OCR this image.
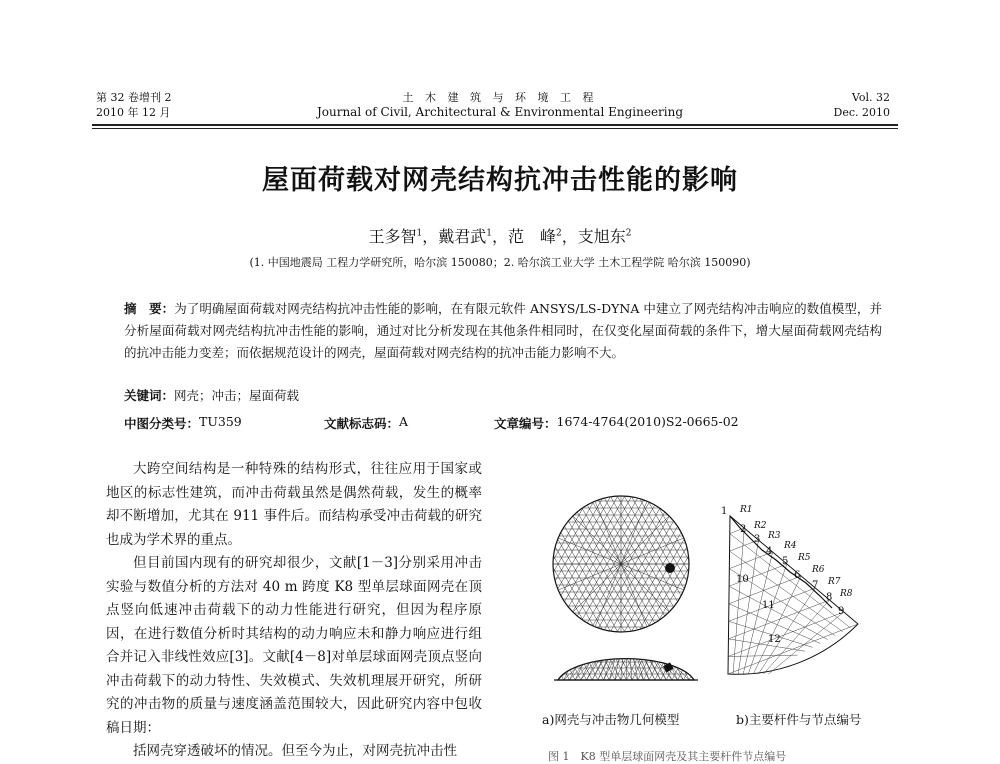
第 32 卷增刊 2
2010 年 12 月
土 木 建 筑 与 环 境 工 程
Journal of Civil, Architectural & Environmental Engineering
Vol. 32
Dec. 2010
屋面荷载对网壳结构抗冲击性能的影响
王多智$^1$，戴君武$^1$，范　峰$^2$，支旭东$^2$
(1. 中国地震局 工程力学研究所，哈尔滨 150080；2. 哈尔滨工业大学 土木工程学院 哈尔滨 150090)
摘　要：为了明确屋面荷载对网壳结构抗冲击性能的影响，在有限元软件 ANSYS/LS-DYNA 中建立了网壳结构冲击响应的数值模型，并分析屋面荷载对网壳结构抗冲击性能的影响，通过对比分析发现在其他条件相同时，在仅变化屋面荷载的条件下，增大屋面荷载网壳结构的抗冲击能力变差；而依据规范设计的网壳，屋面荷载对网壳结构的抗冲击能力影响不大。
关键词：网壳；冲击；屋面荷载
中图分类号： TU359	文献标志码： A	文章编号： 1674-4764(2010)S2-0665-02

大跨空间结构是一种特殊的结构形式，往往应用于国家或地区的标志性建筑，而冲击荷载虽然是偶然荷载，发生的概率却不断增加，尤其在 911 事件后。而结构承受冲击荷载的研究也成为学术界的重点。

但目前国内现有的研究却很少，文献[1－3]分别采用冲击实验与数值分析的方法对 40 m 跨度 K8 型单层球面网壳在顶点竖向低速冲击荷载下的动力性能进行研究，但因为程序原因，在进行数值分析时其结构的动力响应未和静力响应进行组合并记入非线性效应[3]。文献[4－8]对单层球面网壳顶点竖向冲击荷载下的动力特性、失效模式、失效机理展开研究，所研究的冲击物的质量与速度涵盖范围较大，因此研究内容中包收稿日期：

括网壳穿透破坏的情况。但至今为止，对网壳抗冲击性

1
2
3
4
5
6
7
8
9
10
11
12
R1
R2
R3
R4
R5
R6
R7
R8
a)网壳与冲击物几何模型	b)主要杆件与节点编号
图 1　K8 型单层球面网壳及其主要杆件节点编号
